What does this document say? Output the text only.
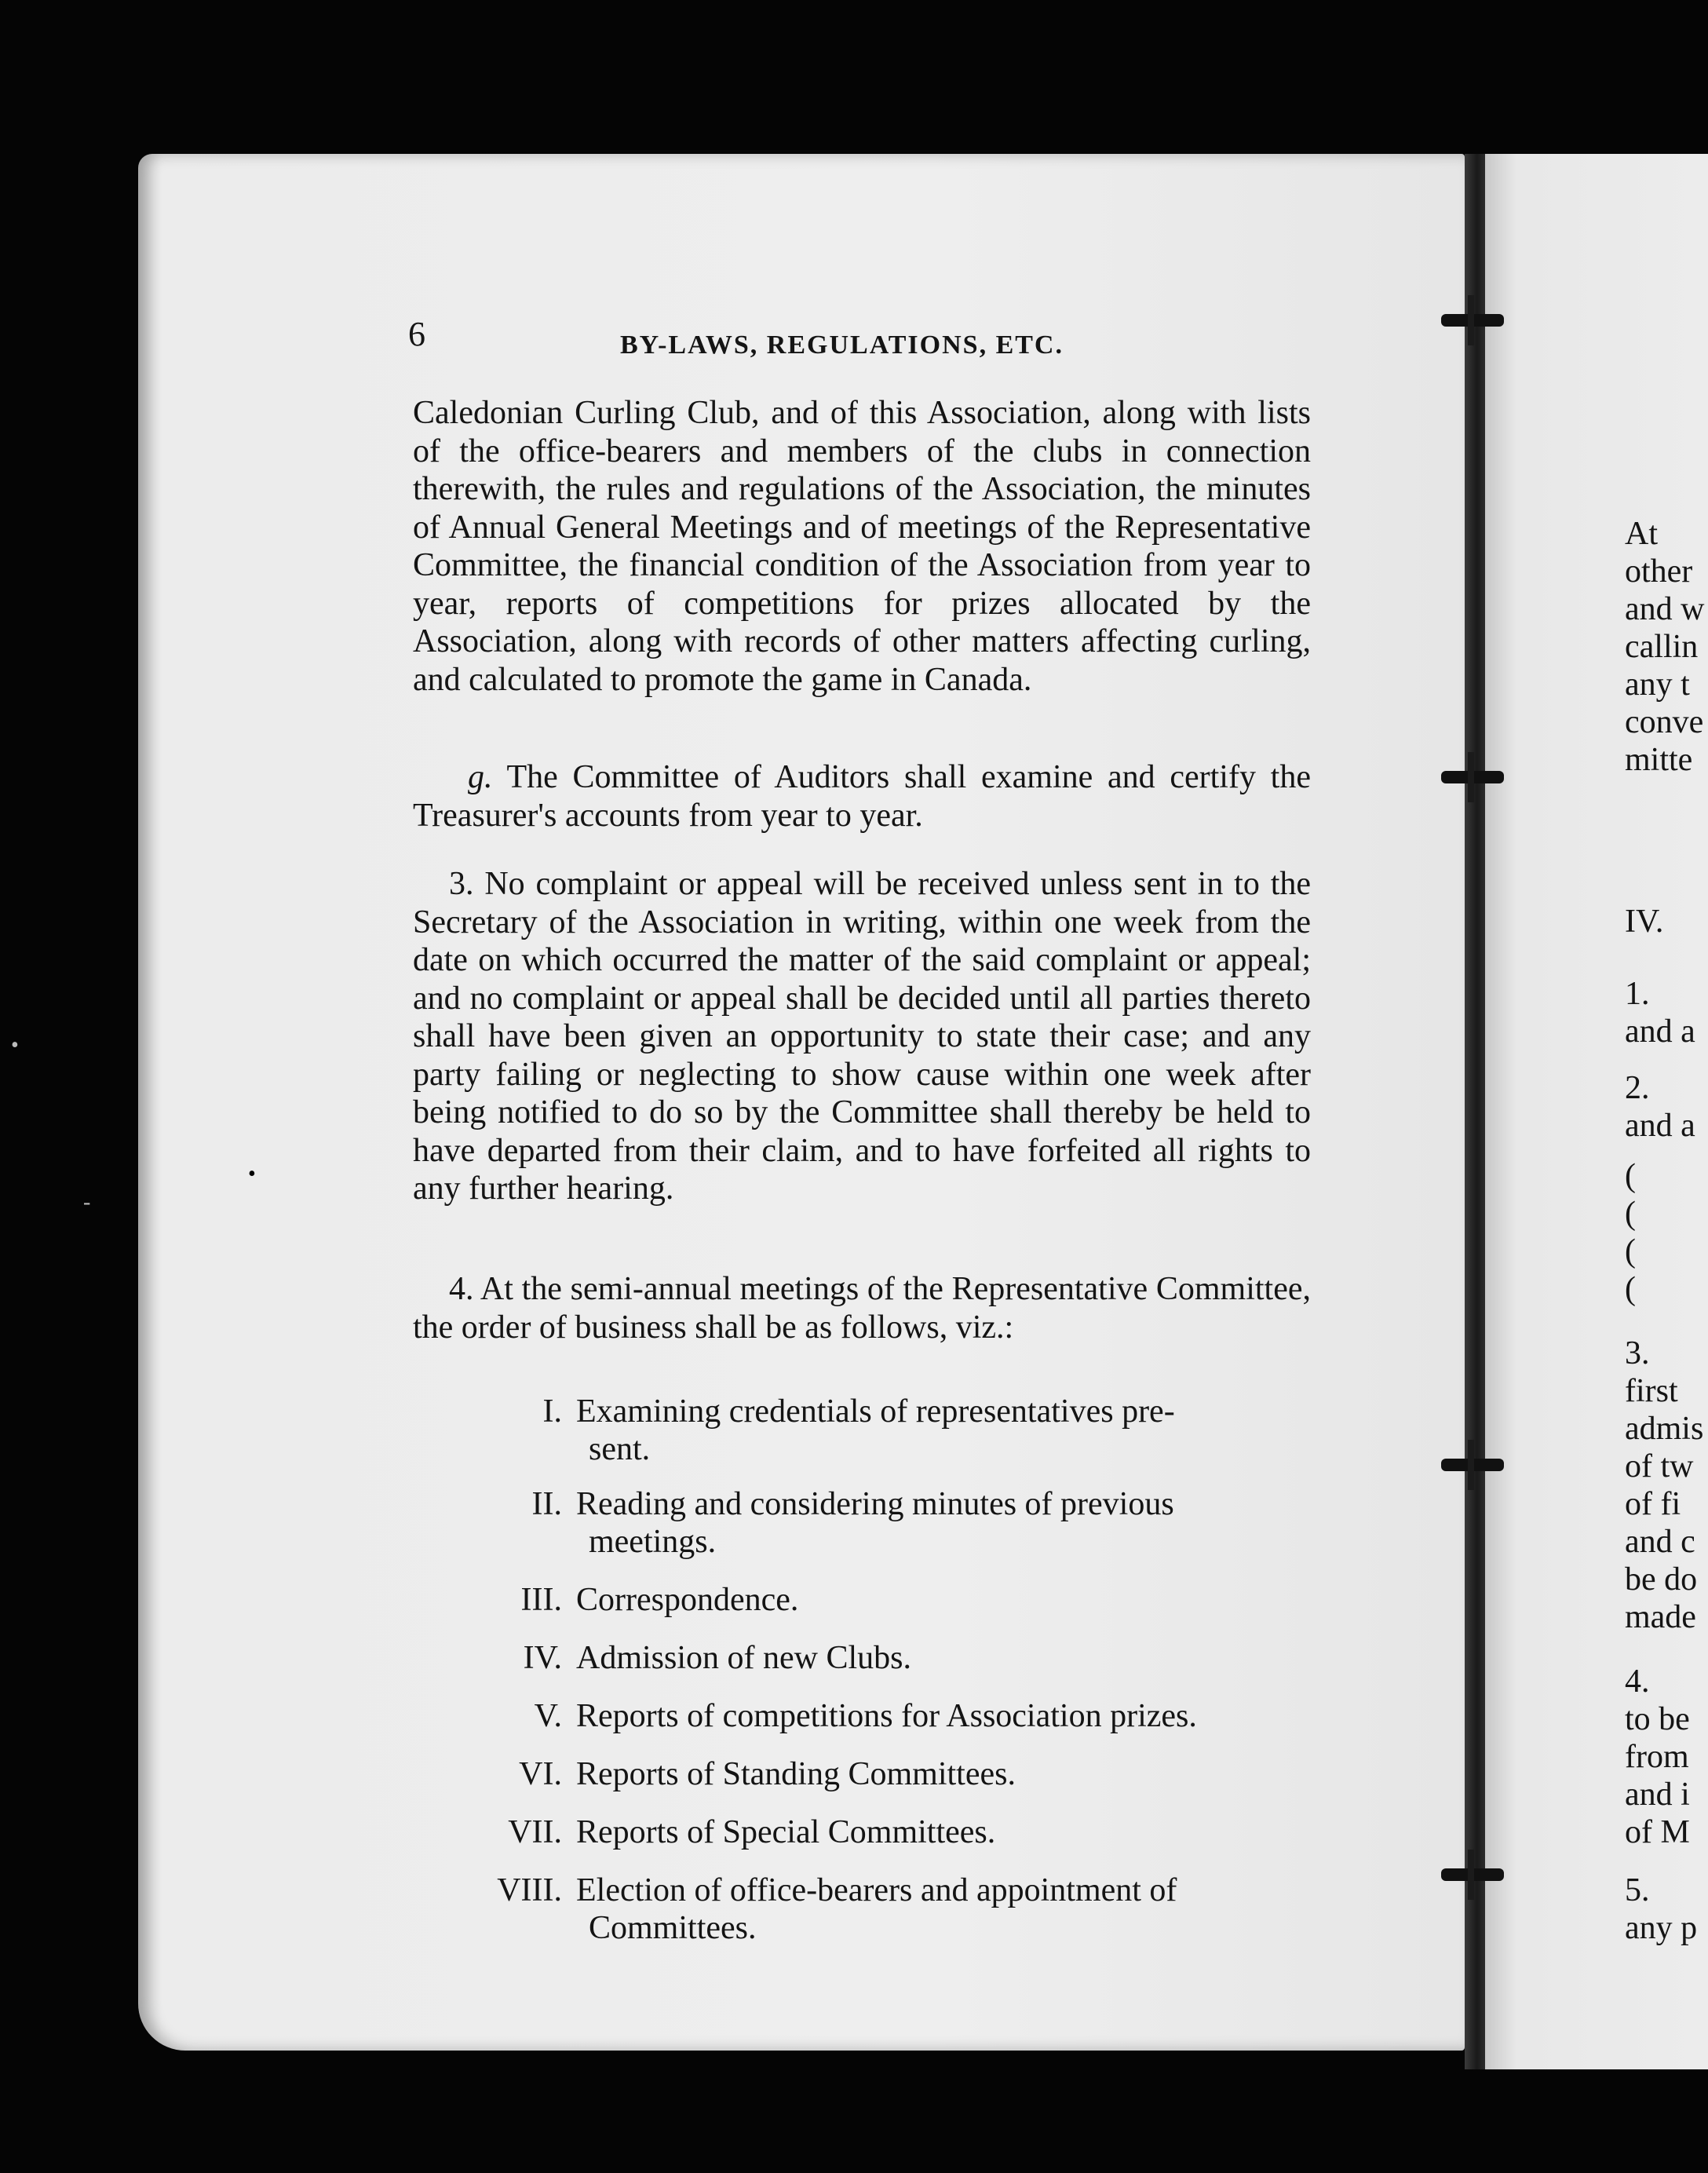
•
•
-
6	BY-LAWS, REGULATIONS, ETC.

Caledonian Curling Club, and of this Association, along with lists of the office-bearers and members of the clubs in connection therewith, the rules and regulations of the Association, the minutes of Annual General Meetings and of meetings of the Representative Committee, the financial condition of the Association from year to year, reports of competitions for prizes allocated by the Association, along with records of other matters affecting curling, and calculated to promote the game in Canada.

g. The Committee of Auditors shall examine and certify the Treasurer's accounts from year to year.

3. No complaint or appeal will be received unless sent in to the Secretary of the Association in writing, within one week from the date on which occurred the matter of the said complaint or appeal; and no complaint or appeal shall be decided until all parties thereto shall have been given an opportunity to state their case; and any party failing or neglecting to show cause within one week after being notified to do so by the Committee shall thereby be held to have departed from their claim, and to have forfeited all rights to any further hearing.

4. At the semi-annual meetings of the Representative Committee, the order of business shall be as follows, viz.:

I. Examining credentials of representatives pre-
sent.
II. Reading and considering minutes of previous
meetings.
III. Correspondence.
IV. Admission of new Clubs.
V. Reports of competitions for Association prizes.
VI. Reports of Standing Committees.
VII. Reports of Special Committees.
VIII. Election of office-bearers and appointment of
Committees.
At
other
and w
callin
any t
conve
mitte
IV.
1.
and a
2.
and a
(
(
(
(
3.
first
admis
of tw
of fi
and c
be do
made
4.
to be
from
and i
of M
5.
any p
